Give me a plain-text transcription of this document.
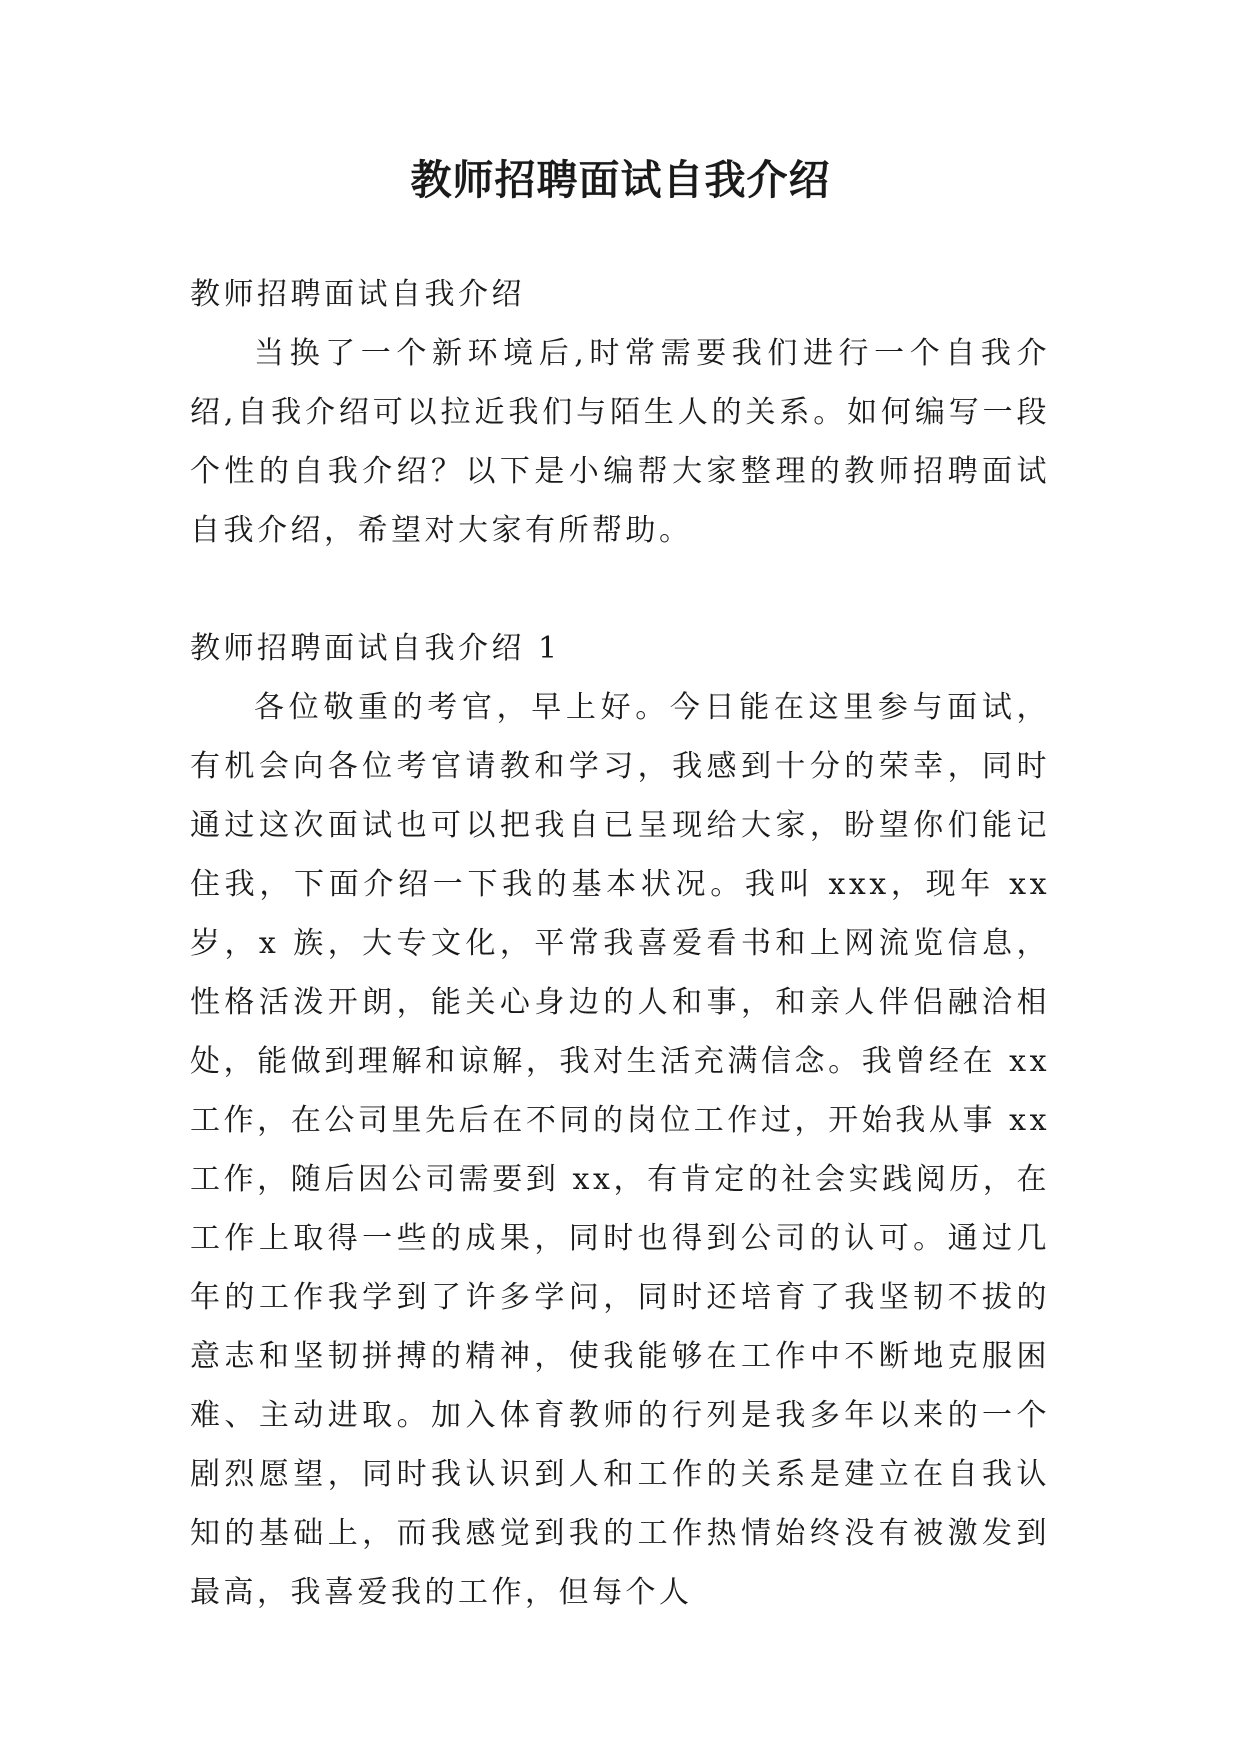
教师招聘面试自我介绍

教师招聘面试自我介绍

当换了一个新环境后,时常需要我们进行一个自我介绍,自我介绍可以拉近我们与陌生人的关系。如何编写一段个性的自我介绍？以下是小编帮大家整理的教师招聘面试自我介绍，希望对大家有所帮助。

教师招聘面试自我介绍 1

各位敬重的考官，早上好。今日能在这里参与面试，有机会向各位考官请教和学习，我感到十分的荣幸，同时通过这次面试也可以把我自已呈现给大家，盼望你们能记住我，下面介绍一下我的基本状况。我叫 xxx，现年 xx 岁，x 族，大专文化，平常我喜爱看书和上网流览信息，性格活泼开朗，能关心身边的人和事，和亲人伴侣融洽相处，能做到理解和谅解，我对生活充满信念。我曾经在 xx 工作，在公司里先后在不同的岗位工作过，开始我从事 xx 工作，随后因公司需要到 xx，有肯定的社会实践阅历，在工作上取得一些的成果，同时也得到公司的认可。通过几年的工作我学到了许多学问，同时还培育了我坚韧不拔的意志和坚韧拼搏的精神，使我能够在工作中不断地克服困难、主动进取。加入体育教师的行列是我多年以来的一个剧烈愿望，同时我认识到人和工作的关系是建立在自我认知的基础上，而我感觉到我的工作热情始终没有被激发到最高，我喜爱我的工作，但每个人
